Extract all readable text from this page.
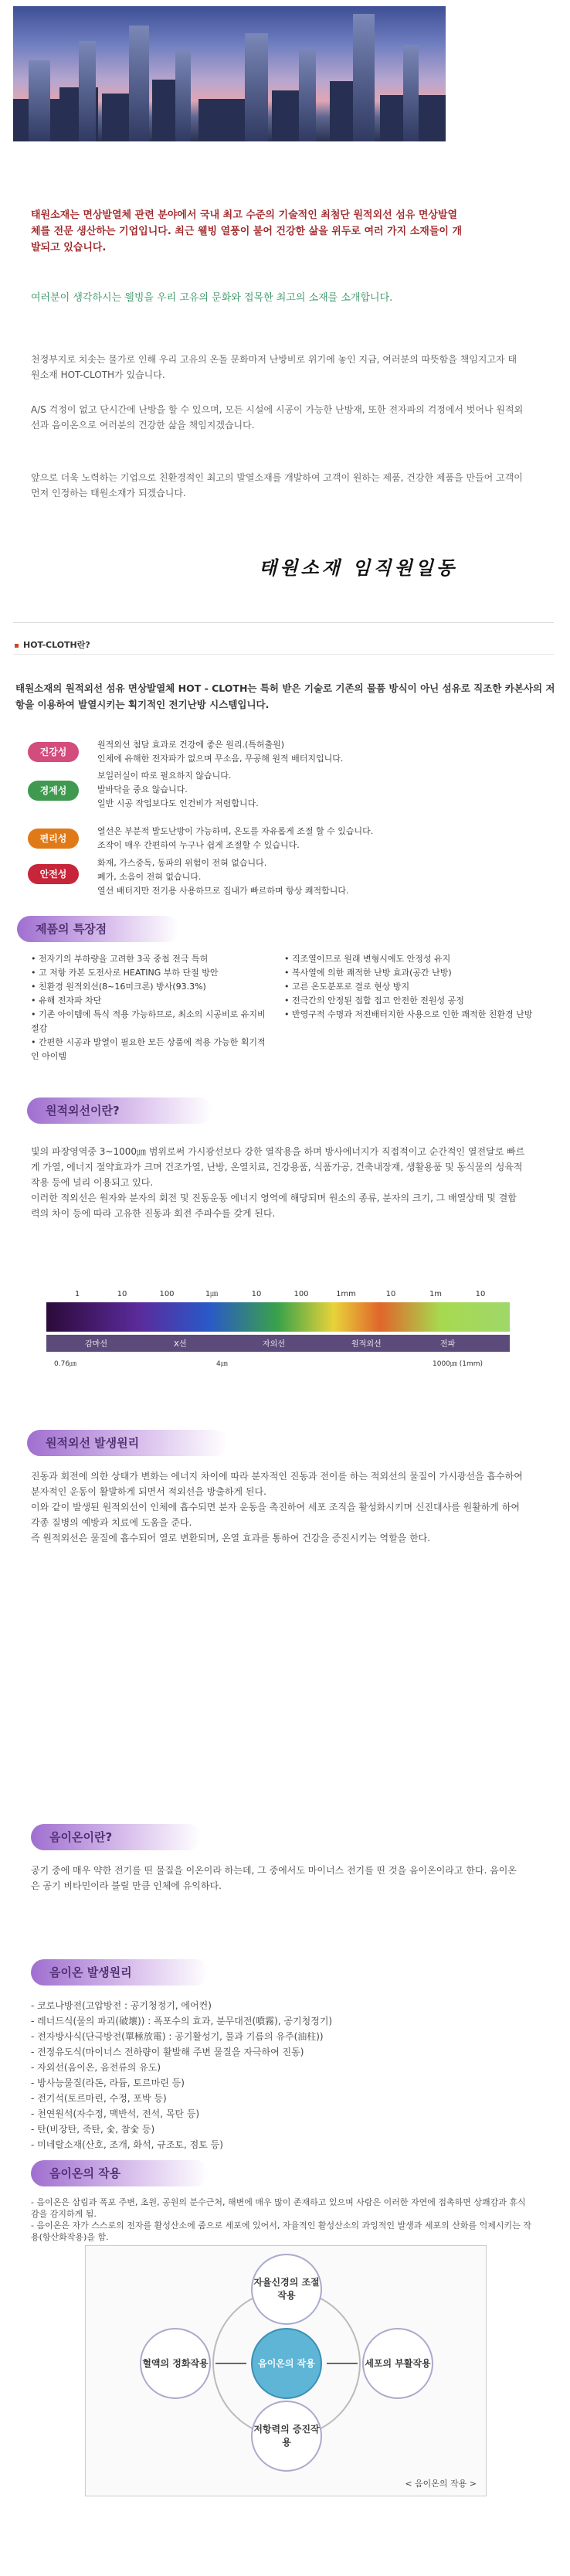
태원소재는 면상발열체 관련 분야에서 국내 최고 수준의 기술적인 최첨단 원적외선 섬유 면상발열체를 전문 생산하는 기업입니다. 최근 웰빙 열풍이 불어 건강한 삶을 위두로 여러 가지 소재들이 개발되고 있습니다.
여러분이 생각하시는 웰빙을 우리 고유의 문화와 접목한 최고의 소재를 소개합니다.
천정부지로 치솟는 물가로 인해 우리 고유의 온돌 문화마저 난방비로 위기에 놓인 지금, 여러분의 따뜻함을 책임지고자 태원소재 HOT-CLOTH가 있습니다.
A/S 걱정이 없고 단시간에 난방을 할 수 있으며, 모든 시설에 시공이 가능한 난방재, 또한 전자파의 걱정에서 벗어나 원적외선과 음이온으로 여러분의 건강한 삶을 책임지겠습니다.
앞으로 더욱 노력하는 기업으로 친환경적인 최고의 발열소재를 개발하여 고객이 원하는 제품, 건강한 제품을 만들어 고객이 먼저 인정하는 태원소재가 되겠습니다.
태원소재 임직원일동
HOT-CLOTH란?
태원소재의 원적외선 섬유 면상발열체 HOT - CLOTH는 특허 받은 기술로 기존의 물품 방식이 아닌 섬유로 직조한 카본사의 저항을 이용하여 발열시키는 획기적인 전기난방 시스템입니다.
건강성
원적외선 첨담 효과로 건강에 좋은 원리.(특허출원)
인체에 유해한 전자파가 없으며 무소음, 무공해 원적 배터지입니다.
경제성
보일러실이 따로 필요하지 않습니다.
발바닥을 중요 않습니다.
일반 시공 작업보다도 인건비가 저렴합니다.
편리성
열선은 부분적 발도난방이 가능하며, 온도를 자유롭게 조절 할 수 있습니다.
조작이 매우 간편하여 누구나 쉽게 조절할 수 있습니다.
안전성
화재, 가스중독, 동파의 위험이 전혀 없습니다.
폐가, 소음이 전혀 없습니다.
열선 배터지만 전기용 사용하므로 집내가 빠르하며 항상 쾌적합니다.
제품의 특장점
• 전자기의 부하량을 고려한 3곡 중첩 전극 특허
• 고 저항 카본 도전사로 HEATING 부하 단절 방안
• 친환경 원적외선(8~16미크론) 방사(93.3%)
• 유해 전자파 차단
• 기존 아이템에 특식 적용 가능하므로, 최소의 시공비로 유지비 절감
• 간편한 시공과 발열이 필요한 모든 상품에 적용 가능한 획기적인 아이템
• 직조열이므로 원래 변형시에도 안정성 유지
• 복사열에 의한 쾌적한 난방 효과(공간 난방)
• 고른 온도분포로 결로 현상 방지
• 전극간의 안정된 접합 접고 안전한 전원성 공정
• 반영구적 수명과 저전배터지한 사용으로 인한 쾌적한 친환경 난방
원적외선이란?
빛의 파장영역중 3~1000㎛ 범위로써 가시광선보다 강한 열작용을 하며 방사에너지가 직접적이고 순간적인 열전달로 빠르게 가열, 에너지 절약효과가 크며 건조가열, 난방, 온열치료, 건강용품, 식품가공, 건축내장재, 생활용품 및 동식물의 성육적 작용 등에 널리 이용되고 있다.
이러한 적외선은 원자와 분자의 회전 및 진동운동 에너지 영역에 해당되며 원소의 종류, 분자의 크기, 그 배열상태 및 결합력의 차이 등에 따라 고유한 진동과 회전 주파수를 갖게 된다.
1	10	100	1㎛	10	100	1mm	10	1m	10
감마선	X선	자외선	원적외선	전파
0.76㎛	4㎛	1000㎛ (1mm)
원적외선 발생원리
진동과 회전에 의한 상태가 변화는 에너지 차이에 따라 분자적인 진동과 전이를 하는 적외선의 물질이 가시광선을 흡수하여 분자적인 운동이 활발하게 되면서 적외선을 방출하게 된다.
이와 같이 발생된 원적외선이 인체에 흡수되면 분자 운동을 촉진하여 세포 조직을 활성화시키며 신진대사를 원활하게 하여 각종 질병의 예방과 치료에 도움을 준다.
즉 원적외선은 물질에 흡수되어 열로 변환되며, 온열 효과를 통하여 건강을 증진시키는 역할을 한다.
음이온이란?
공기 중에 매우 약한 전기를 띤 물질을 이온이라 하는데, 그 중에서도 마이너스 전기를 띤 것을 음이온이라고 한다. 음이온은 공기 비타민이라 불릴 만큼 인체에 유익하다.
음이온 발생원리
- 코로나방전(고압방전 : 공기청정기, 에어컨)
- 레너드식(물의 파괴(破壞)) : 폭포수의 효과, 분무대전(噴霧), 공기청정기)
- 전자방사식(단극방전(單極放電) : 공기활성기, 물과 기름의 유주(油柱))
- 전정유도식(마이너스 전하량이 활발해 주변 물질을 자극하여 진동)
- 자외선(음이온, 음전류의 유도)
- 방사능물질(라돈, 라듐, 토르마린 등)
- 전기석(토르마린, 수정, 포박 등)
- 천연원석(자수정, 맥반석, 전석, 목탄 등)
- 탄(비장탄, 죽탄, 숯, 참숯 등)
- 미네랄소재(산호, 조개, 화석, 규조토, 점토 등)
음이온의 작용
- 음이온은 삼림과 폭포 주변, 초원, 공원의 분수근처, 해변에 매우 많이 존재하고 있으며 사람은 이러한 자연에 접촉하면 상쾌감과 휴식감을 감지하게 됨.
- 음이온은 자가 스스로의 전자를 활성산소에 줌으로 세포에 있어서, 자율적인 활성산소의 과잉적인 발생과 세포의 산화를 억제시키는 작용(항산화작용)을 함.
음이온의 작용
자율신경의 조절작용
혈액의 정화작용	세포의 부활작용
저항력의 증진작용
< 음이온의 작용 >
